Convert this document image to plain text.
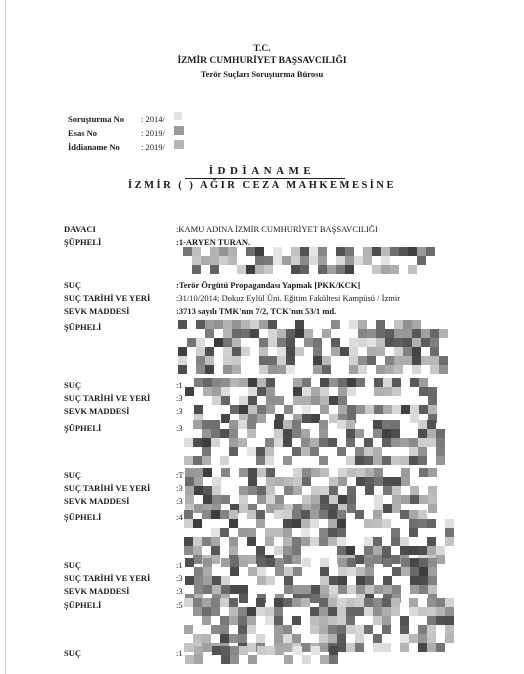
T.C.
İZMİR CUMHURİYET BAŞSAVCILIĞI
Terör Suçları Soruşturma Bürosu
Soruşturma No : 2014/
Esas No	: 2019/
İddianame No	: 2019/
İDDİANAME
İZMİR ( ) AĞIR CEZA MAHKEMESİNE
DAVACI	:KAMU ADINA İZMİR CUMHURİYET BAŞSAVCILIĞI
ŞÜPHELİ	:1-ARYEN TURAN.
SUÇ	:Terör Örgütü Propagandası Yapmak [PKK/KCK]
SUÇ TARİHİ VE YERİ	:31/10/2014; Dokuz Eylül Üni. Eğitim Fakültesi Kampüsü / İzmir
SEVK MADDESİ	:3713 sayılı TMK'nın 7/2, TCK'nın 53/1 md.
ŞÜPHELİ
SUÇ	:1
SUÇ TARİHİ VE YERİ	:3
SEVK MADDESİ	:3
ŞÜPHELİ	:3
SUÇ	:T
SUÇ TARİHİ VE YERİ	:3
SEVK MADDESİ	:3
ŞÜPHELİ	:4
SUÇ	:1
SUÇ TARİHİ VE YERİ	:3
SEVK MADDESİ	:3
ŞÜPHELİ	:5
SUÇ	:1
